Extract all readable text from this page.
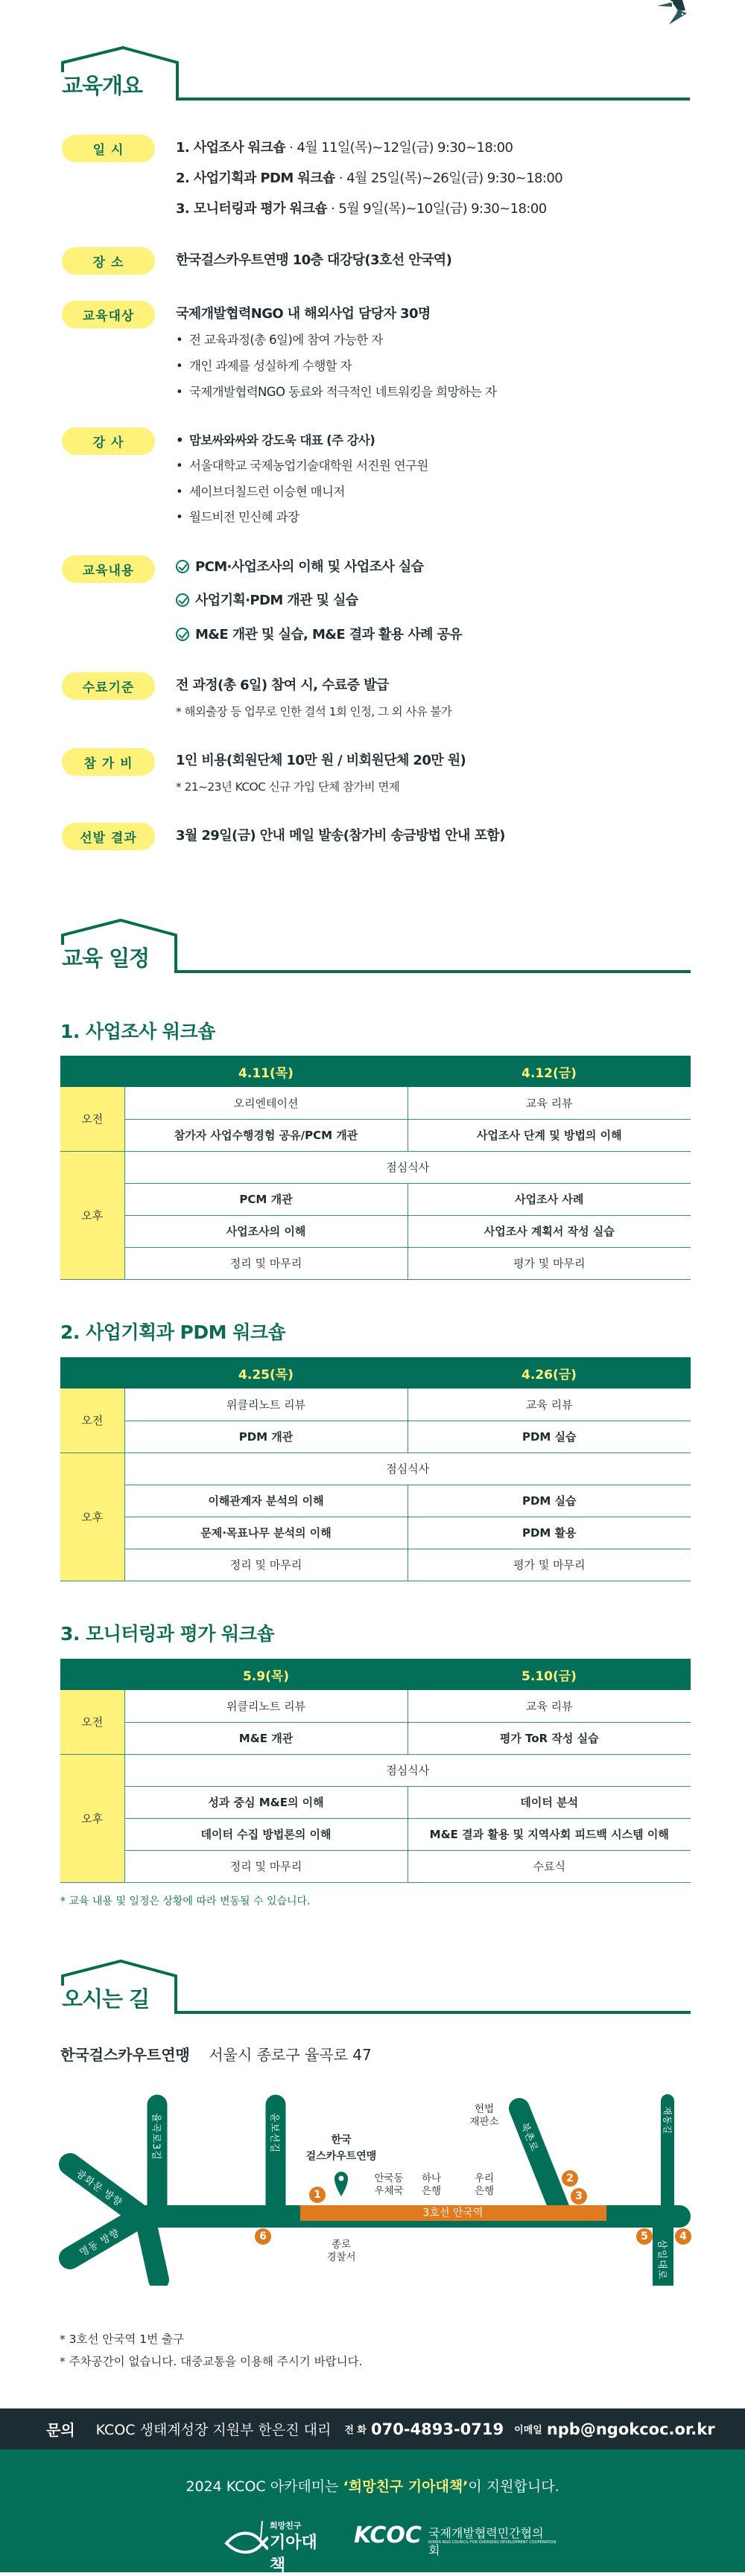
교육개요
일 시	1. 사업조사 워크숍 · 4월 11일(목)~12일(금) 9:30~18:00
2. 사업기획과 PDM 워크숍 · 4월 25일(목)~26일(금) 9:30~18:00
3. 모니터링과 평가 워크숍 · 5월 9일(목)~10일(금) 9:30~18:00
장 소	한국걸스카우트연맹 10층 대강당(3호선 안국역)
교육대상	국제개발협력NGO 내 해외사업 담당자 30명
• 전 교육과정(총 6일)에 참여 가능한 자
• 개인 과제를 성실하게 수행할 자
• 국제개발협력NGO 동료와 적극적인 네트워킹을 희망하는 자
강 사	• 맘보싸와싸와 강도욱 대표 (주 강사)
• 서울대학교 국제농업기술대학원 서진원 연구원
• 세이브더칠드런 이승현 매니저
• 월드비전 민신혜 과장
교육내용	PCM·사업조사의 이해 및 사업조사 실습
사업기획·PDM 개관 및 실습
M&E 개관 및 실습, M&E 결과 활용 사례 공유
수료기준	전 과정(총 6일) 참여 시, 수료증 발급
* 해외출장 등 업무로 인한 결석 1회 인정, 그 외 사유 불가
참 가 비	1인 비용(회원단체 10만 원 / 비회원단체 20만 원)
* 21~23년 KCOC 신규 가입 단체 참가비 면제
선발 결과	3월 29일(금) 안내 메일 발송(참가비 송금방법 안내 포함)
교육 일정
1. 사업조사 워크숍
	4.11(목)	4.12(금)
오전	오리엔테이션	교육 리뷰
	참가자 사업수행경험 공유/PCM 개관	사업조사 단계 및 방법의 이해
오후	점심식사	
	PCM 개관	사업조사 사례
	사업조사의 이해	사업조사 계획서 작성 실습
	정리 및 마무리	평가 및 마무리
2. 사업기획과 PDM 워크숍
	4.25(목)	4.26(금)
오전	위클리노트 리뷰	교육 리뷰
	PDM 개관	PDM 실습
오후	점심식사	
	이해관계자 분석의 이해	PDM 실습
	문제·목표나무 분석의 이해	PDM 활용
	정리 및 마무리	평가 및 마무리
3. 모니터링과 평가 워크숍
	5.9(목)	5.10(금)
오전	위클리노트 리뷰	교육 리뷰
	M&E 개관	평가 ToR 작성 실습
오후	점심식사	
	성과 중심 M&E의 이해	데이터 분석
	데이터 수집 방법론의 이해	M&E 결과 활용 및 지역사회 피드백 시스템 이해
	정리 및 마무리	수료식
* 교육 내용 및 일정은 상황에 따라 변동될 수 있습니다.
오시는 길
한국걸스카우트연맹 서울시 종로구 율곡로 47
율곡로3길	윤보선길	북촌로
재동길
삼일대로
광화문 방향
명동 방향
3호선 안국역
한국
걸스카우트연맹
안국동
우체국
하나
은행
우리
은행
헌법
재판소
종로
경찰서
1
2
3
4
5
6
* 3호선 안국역 1번 출구
* 주차공간이 없습니다. 대중교통을 이용해 주시기 바랍니다.
문의 KCOC 생태계성장 지원부 한은진 대리 전 화 070-4893-0719 이메일 npb@ngokcoc.or.kr
2024 KCOC 아카데미는 ‘희망친구 기아대책’이 지원합니다.
희망친구
기아대책
KCOC 국제개발협력민간협의회
KOREA NGO COUNCIL FOR OVERSEAS DEVELOPMENT COOPERATION
